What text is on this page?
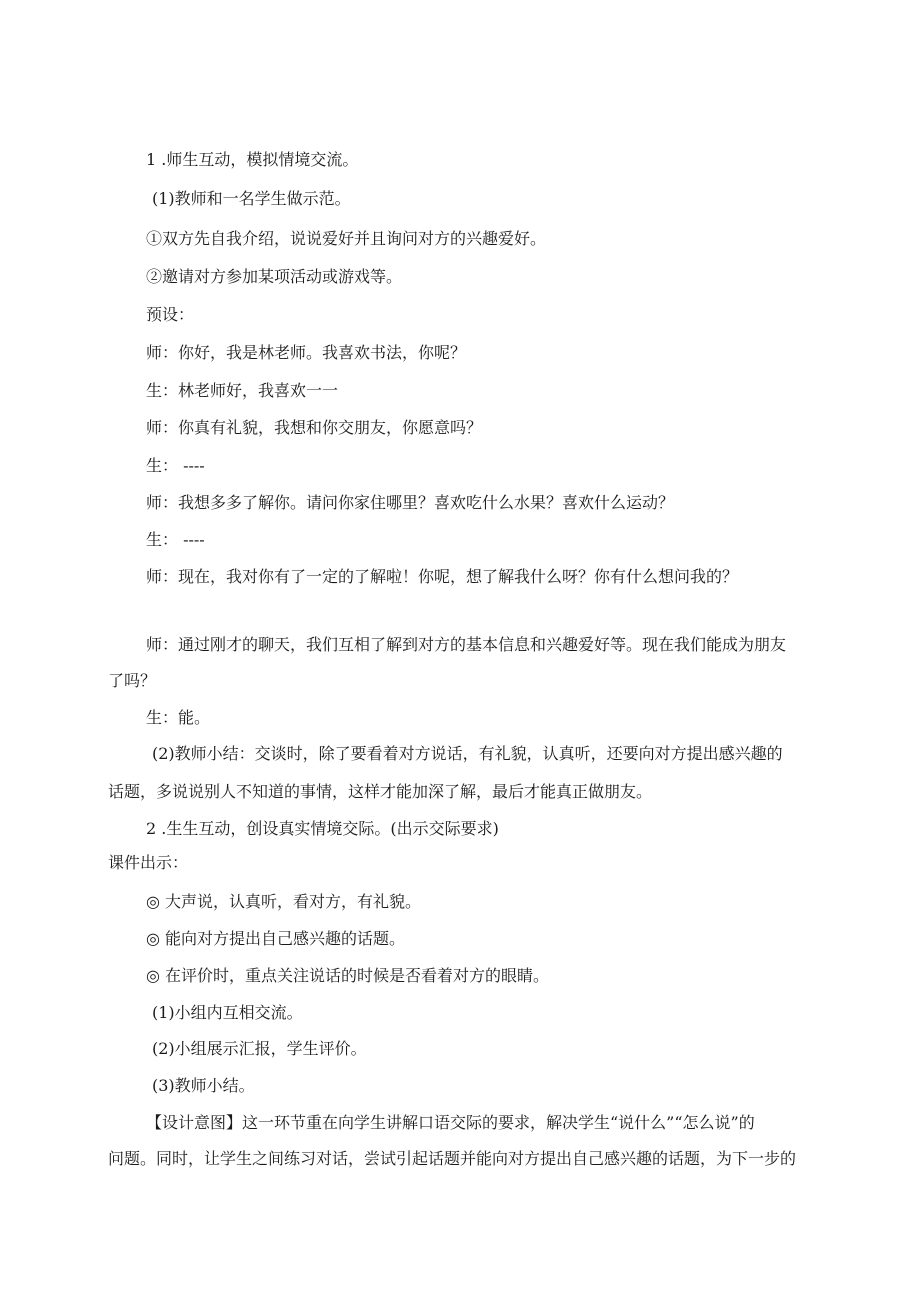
1 .师生互动，模拟情境交流。
(1)教师和一名学生做示范。
①双方先自我介绍，说说爱好并且询问对方的兴趣爱好。
②邀请对方参加某项活动或游戏等。
预设：
师：你好，我是林老师。我喜欢书法，你呢？
生：林老师好，我喜欢一一
师：你真有礼貌，我想和你交朋友，你愿意吗？
生： ----
师：我想多多了解你。请问你家住哪里？喜欢吃什么水果？喜欢什么运动？
生： ----
师：现在，我对你有了一定的了解啦！你呢，想了解我什么呀？你有什么想问我的？
师：通过刚才的聊天，我们互相了解到对方的基本信息和兴趣爱好等。现在我们能成为朋友
了吗？
生：能。
(2)教师小结：交谈时，除了要看着对方说话，有礼貌，认真听，还要向对方提出感兴趣的
话题，多说说别人不知道的事情，这样才能加深了解，最后才能真正做朋友。
2 .生生互动，创设真实情境交际。(出示交际要求)
课件出示：
◎ 大声说，认真听，看对方，有礼貌。
◎ 能向对方提出自己感兴趣的话题。
◎ 在评价时，重点关注说话的时候是否看着对方的眼睛。
(1)小组内互相交流。
(2)小组展示汇报，学生评价。
(3)教师小结。
【设计意图】这一环节重在向学生讲解口语交际的要求，解决学生“说什么”“怎么说”的
问题。同时，让学生之间练习对话，尝试引起话题并能向对方提出自己感兴趣的话题，为下一步的
